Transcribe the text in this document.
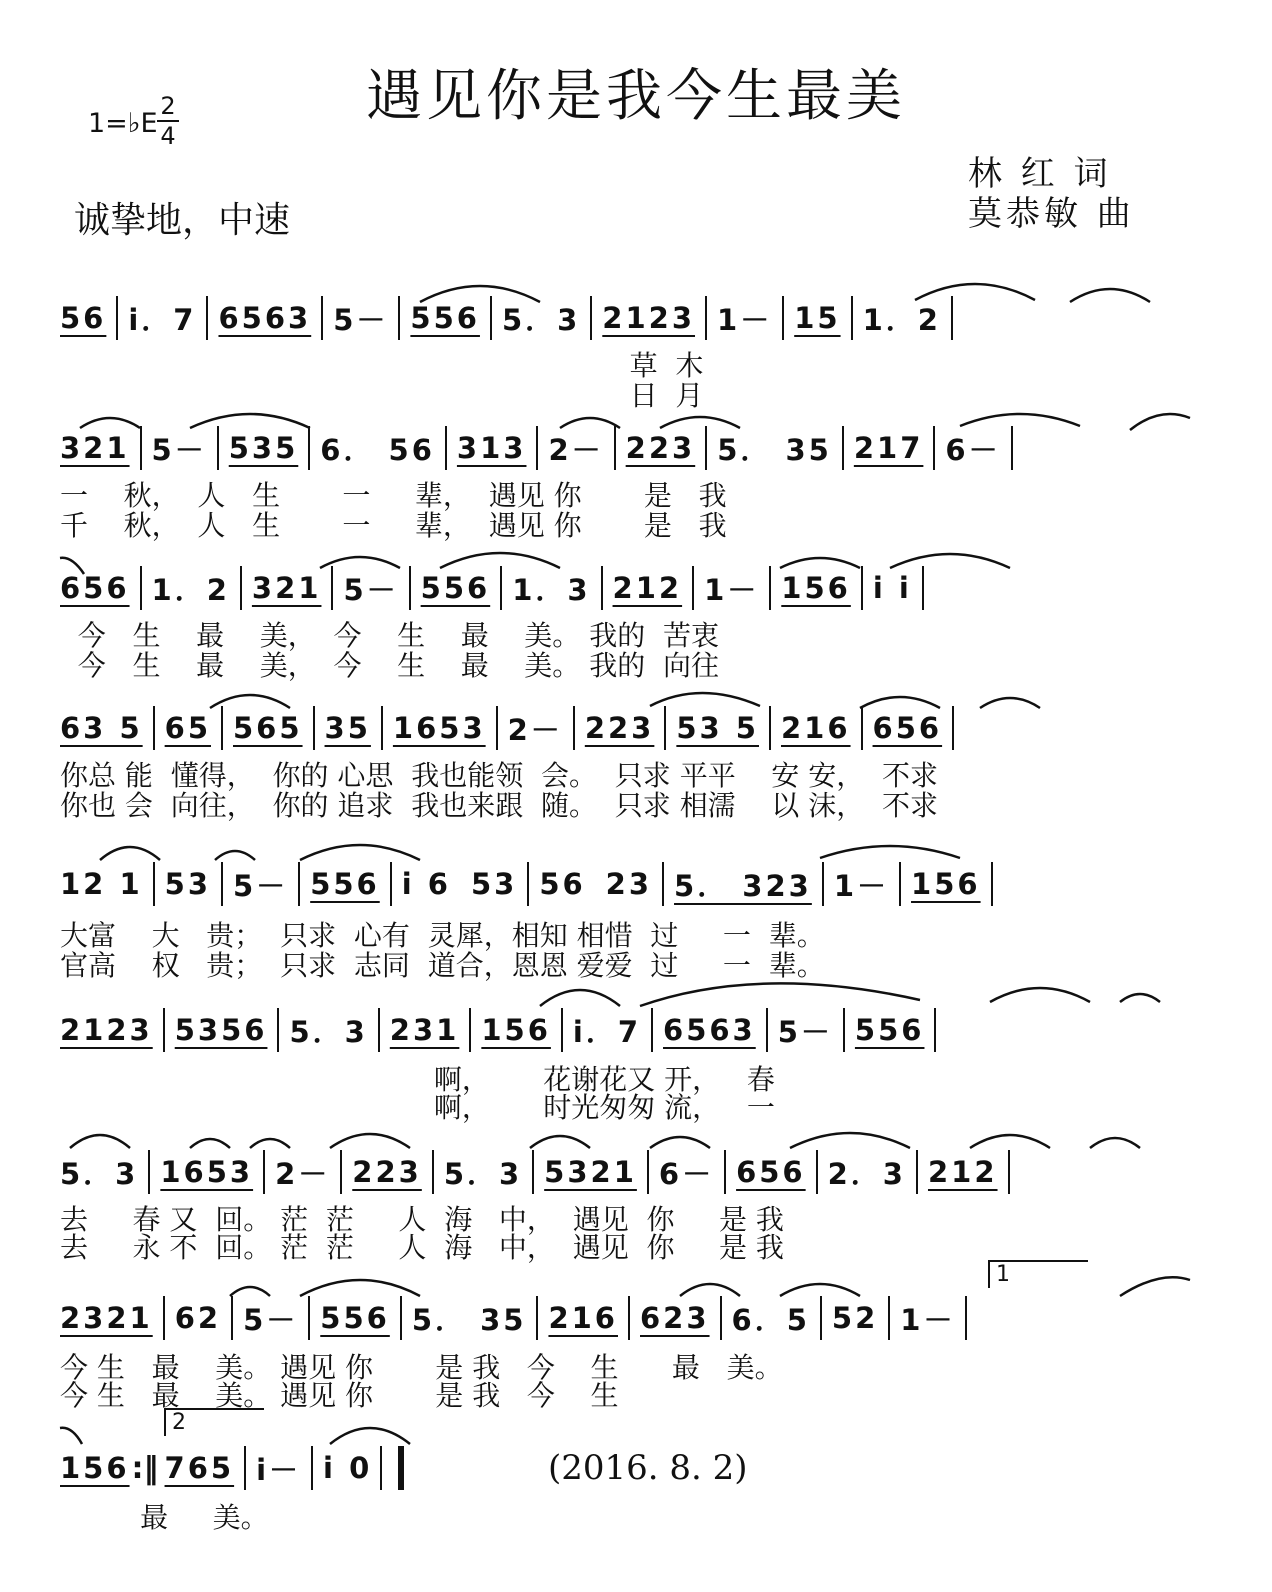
遇见你是我今生最美
1=♭E
2
4
诚挚地，中速
林 红 词
莫恭敏 曲
56 i．7 6563 5－ 556 5．3 2123 1－ 15 1．2
草  木
日  月
321 5－ 535 6． 56 313 2－ 223 5． 35 217 6－
一    秋，  人   生       一     辈，  遇见 你       是   我
千    秋，  人   生       一     辈，  遇见 你       是   我
656 1．2 321 5－ 556 1．3 212 1－ 156 i i
今   生    最    美，  今    生    最    美。 我的  苦衷
今   生    最    美，  今    生    最    美。 我的  向往
63 5 65 565 35 1653 2－ 223 53 5 216 656
你总 能  懂得，  你的 心思  我也能领  会。  只求 平平    安 安，  不求
你也 会  向往，  你的 追求  我也来跟  随。  只求 相濡    以 沫，  不求
12 1 53 5－ 556 i 6 53 56 23 5． 323 1－ 156
大富    大   贵；  只求  心有  灵犀，相知 相惜  过     一  辈。
官高    权   贵；  只求  志同  道合，恩恩 爱爱  过     一  辈。
2123 5356 5．3 231 156 i．7 6563 5－ 556
啊，      花谢花又 开，   春
啊，      时光匆匆 流，   一
5．3 1653 2－ 223 5．3 5321 6－ 656 2．3 212
去     春 又  回。 茫  茫     人  海   中，  遇见  你     是 我
去     永 不  回。 茫  茫     人  海   中，  遇见  你     是 我
1
2321 62 5－ 556 5． 35 216 623 6．5 52 1－
今 生   最    美。 遇见 你       是 我   今    生      最   美。
今 生   最    美。 遇见 你       是 我   今    生
2
156 :‖ 765 i－ i 0
最     美。
(2016. 8. 2)
